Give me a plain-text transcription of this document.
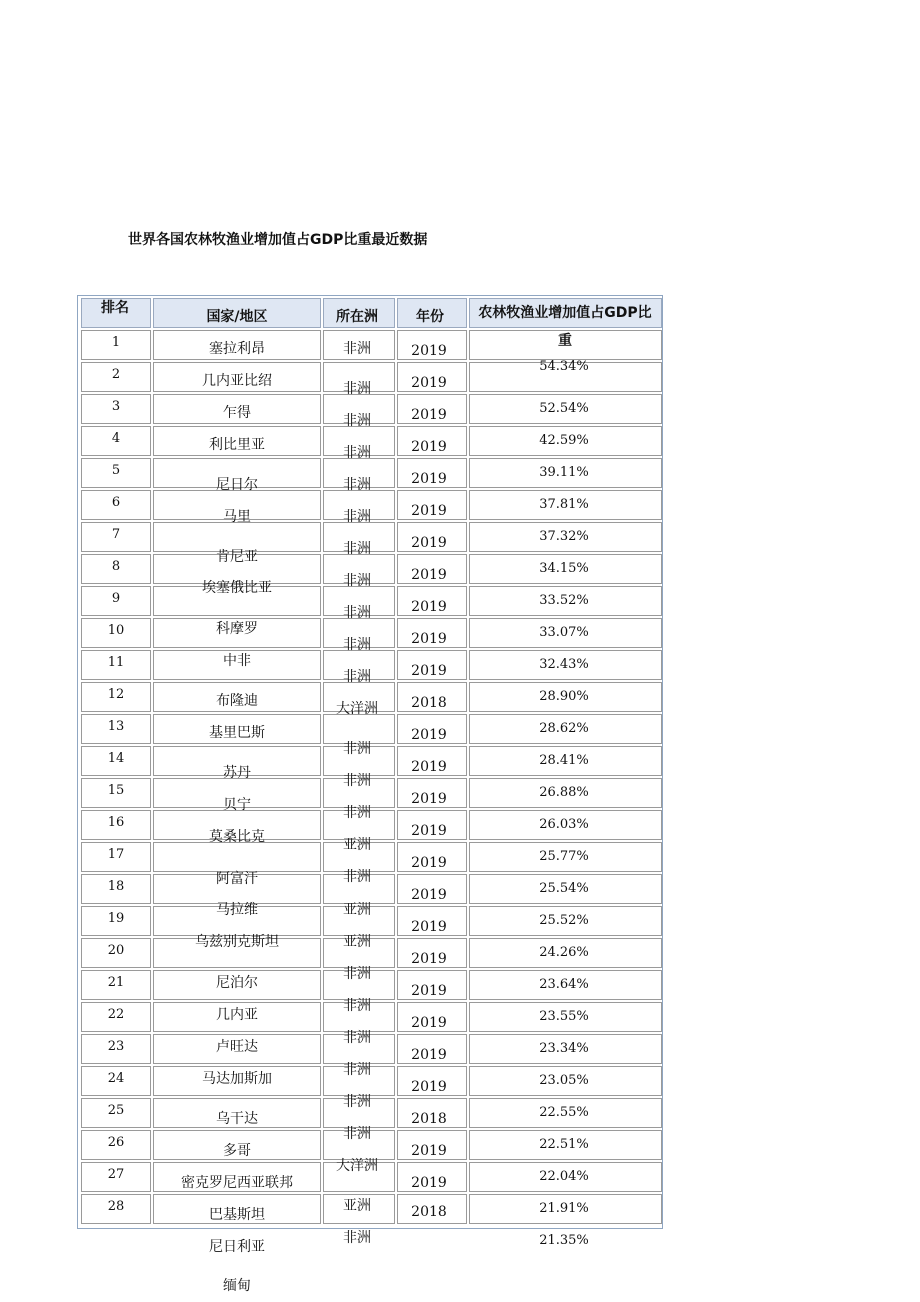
世界各国农林牧渔业增加值占GDP比重最近数据
排名
国家/地区	所在洲	年份 农林牧渔业增加值占GDP比
重
1
2
3
4
5
6
7
8
9
10
11
12
13
14
15
16
17
18
19
20
21
22
23
24
25
26
27
28
塞拉利昂
几内亚比绍
乍得
利比里亚
尼日尔
马里
肯尼亚
埃塞俄比亚
科摩罗
中非
布隆迪
基里巴斯
苏丹
贝宁
莫桑比克
阿富汗
马拉维
乌兹别克斯坦
尼泊尔
几内亚
卢旺达
马达加斯加
乌干达
多哥
密克罗尼西亚联邦
巴基斯坦
尼日利亚
缅甸
非洲
非洲
非洲
非洲
非洲
非洲
非洲
非洲
非洲
非洲
非洲
大洋洲
非洲
非洲
非洲
亚洲
非洲
亚洲
亚洲
非洲
非洲
非洲
非洲
非洲
非洲
大洋洲
亚洲
非洲
2019
2019
2019
2019
2019
2019
2019
2019
2019
2019
2019
2018
2019
2019
2019
2019
2019
2019
2019
2019
2019
2019
2019
2019
2018
2019
2019
2018
54.34%
52.54%
42.59%
39.11%
37.81%
37.32%
34.15%
33.52%
33.07%
32.43%
28.90%
28.62%
28.41%
26.88%
26.03%
25.77%
25.54%
25.52%
24.26%
23.64%
23.55%
23.34%
23.05%
22.55%
22.51%
22.04%
21.91%
21.35%
